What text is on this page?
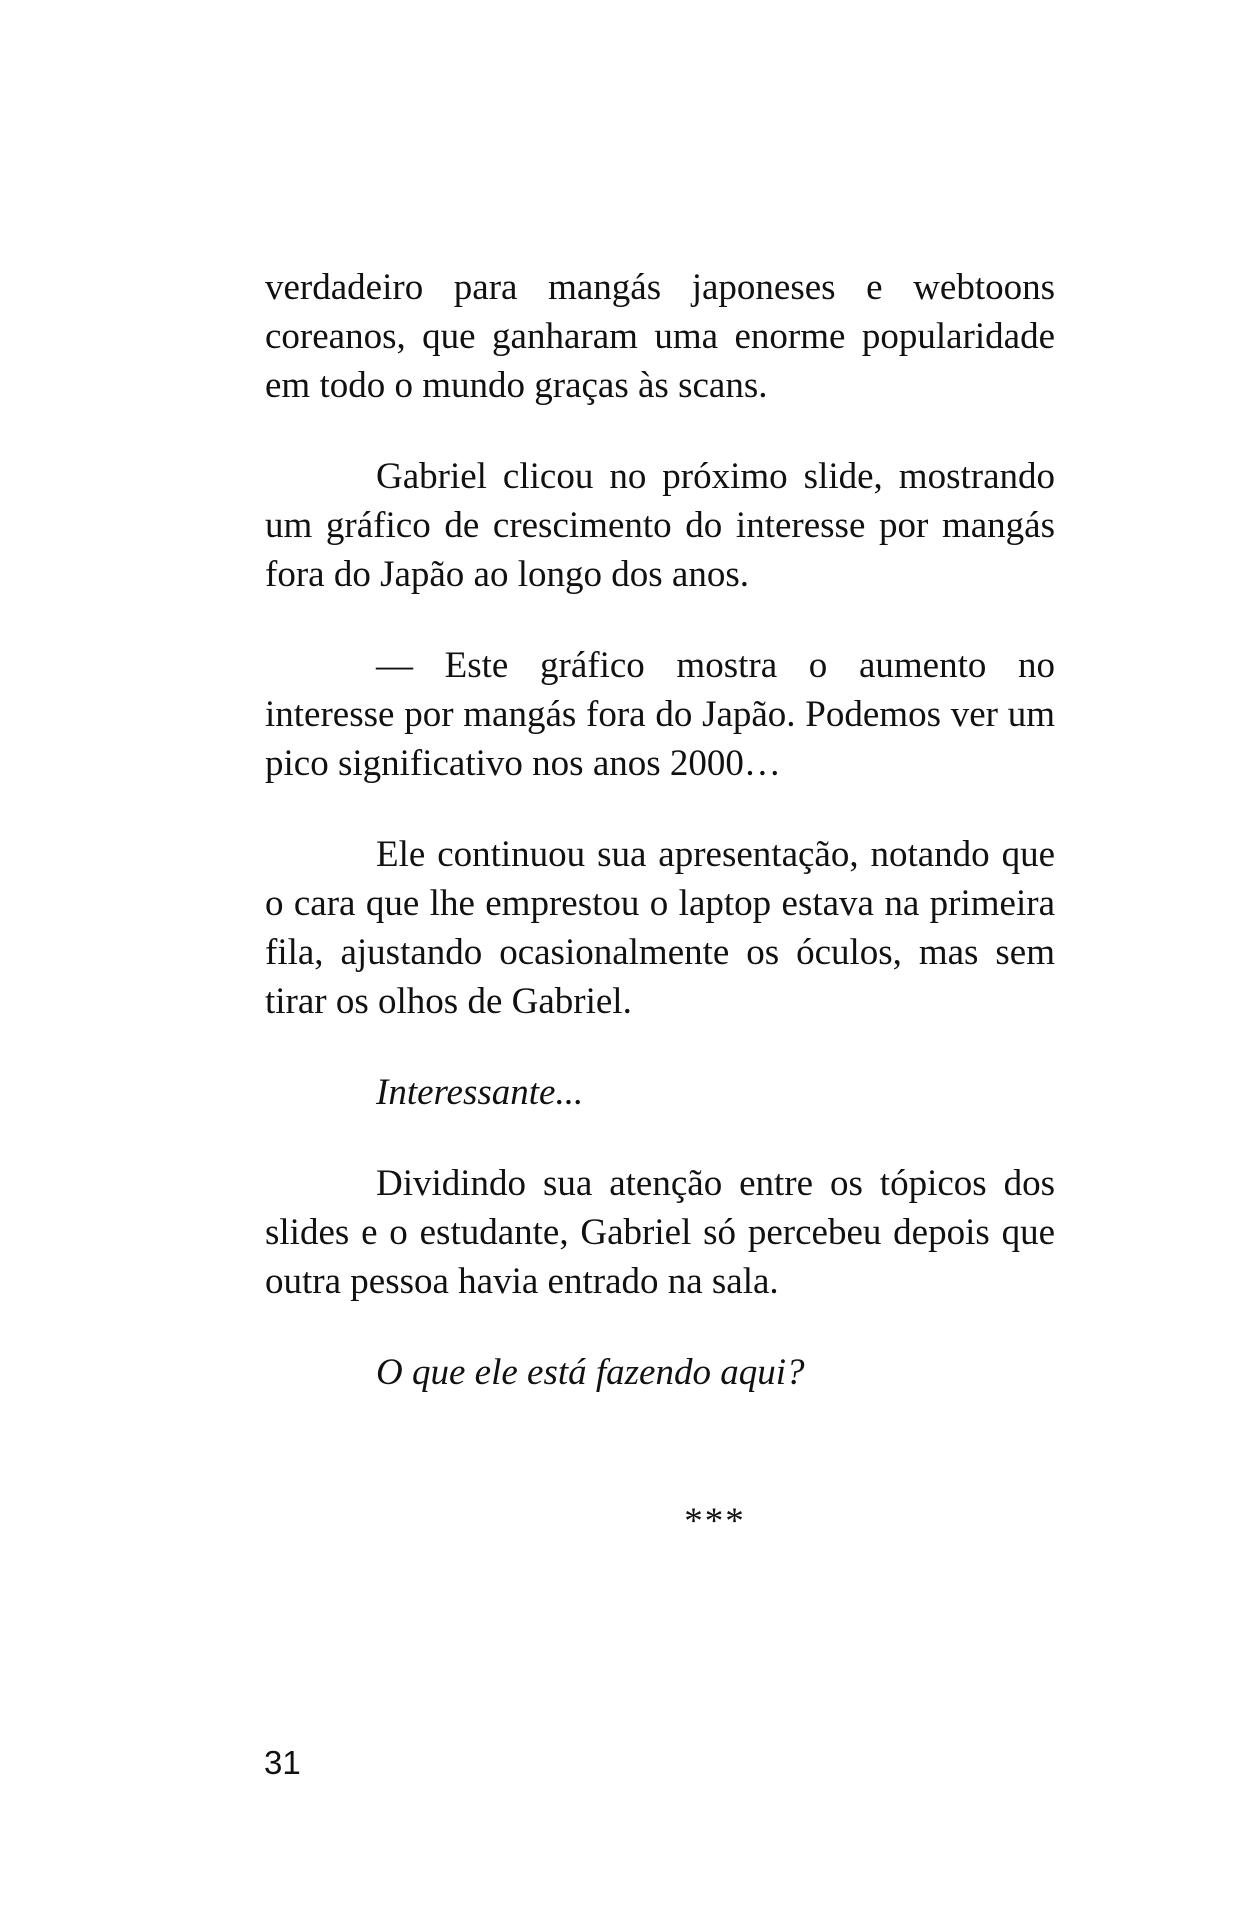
verdadeiro para mangás japoneses e webtoons coreanos, que ganharam uma enorme popularidade em todo o mundo graças às scans.

Gabriel clicou no próximo slide, mostrando um gráfico de crescimento do interesse por mangás fora do Japão ao longo dos anos.

— Este gráfico mostra o aumento no interesse por mangás fora do Japão. Podemos ver um pico significativo nos anos 2000…

Ele continuou sua apresentação, notando que o cara que lhe emprestou o laptop estava na primeira fila, ajustando ocasionalmente os óculos, mas sem tirar os olhos de Gabriel.

Interessante...

Dividindo sua atenção entre os tópicos dos slides e o estudante, Gabriel só percebeu depois que outra pessoa havia entrado na sala.

O que ele está fazendo aqui?

***
31
